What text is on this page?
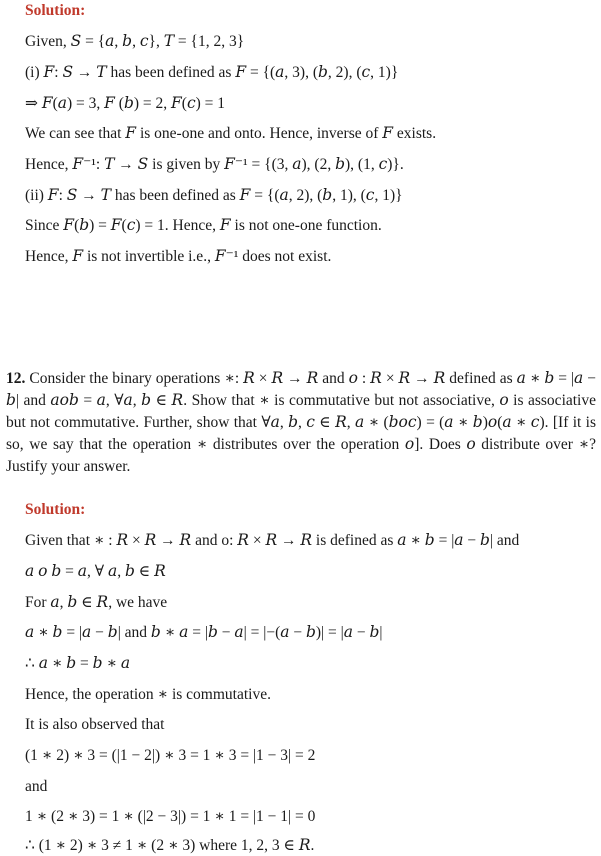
Solution:
Given, 𝑆 = {𝑎, 𝑏, 𝑐}, 𝑇 = {1, 2, 3}
(i) 𝐹: 𝑆 → 𝑇 has been defined as 𝐹 = {(𝑎, 3), (𝑏, 2), (𝑐, 1)}
⇒ 𝐹(𝑎) = 3, 𝐹 (𝑏) = 2, 𝐹(𝑐) = 1
We can see that 𝐹 is one-one and onto. Hence, inverse of 𝐹 exists.
Hence, 𝐹⁻¹: 𝑇 → 𝑆 is given by 𝐹⁻¹ = {(3, 𝑎), (2, 𝑏), (1, 𝑐)}.
(ii) 𝐹: 𝑆 → 𝑇 has been defined as 𝐹 = {(𝑎, 2), (𝑏, 1), (𝑐, 1)}
Since 𝐹(𝑏) = 𝐹(𝑐) = 1. Hence, 𝐹 is not one-one function.
Hence, 𝐹 is not invertible i.e., 𝐹⁻¹ does not exist.
12. Consider the binary operations ∗: 𝑅 × 𝑅 → 𝑅 and 𝑜 : 𝑅 × 𝑅 → 𝑅 defined as 𝑎 ∗ 𝑏 = |𝑎 − 𝑏| and 𝑎𝑜𝑏 = 𝑎, ∀𝑎, 𝑏 ∈ 𝑅. Show that ∗ is commutative but not associative, 𝑜 is associative but not commutative. Further, show that ∀𝑎, 𝑏, 𝑐 ∈ 𝑅, 𝑎 ∗ (𝑏𝑜𝑐) = (𝑎 ∗ 𝑏)𝑜(𝑎 ∗ 𝑐). [If it is so, we say that the operation ∗ distributes over the operation 𝑜]. Does 𝑜 distribute over ∗? Justify your answer.
Solution:
Given that ∗ : 𝑅 × 𝑅 → 𝑅 and o: 𝑅 × 𝑅 → 𝑅 is defined as 𝑎 ∗ 𝑏 = |𝑎 − 𝑏| and
𝑎 𝑜 𝑏 = 𝑎, ∀ 𝑎, 𝑏 ∈ 𝑅
For 𝑎, 𝑏 ∈ 𝑅, we have
𝑎 ∗ 𝑏 = |𝑎 − 𝑏| and 𝑏 ∗ 𝑎 = |𝑏 − 𝑎| = |−(𝑎 − 𝑏)| = |𝑎 − 𝑏|
∴ 𝑎 ∗ 𝑏 = 𝑏 ∗ 𝑎
Hence, the operation ∗ is commutative.
It is also observed that
(1 ∗ 2) ∗ 3 = (|1 − 2|) ∗ 3 = 1 ∗ 3 = |1 − 3| = 2
and
1 ∗ (2 ∗ 3) = 1 ∗ (|2 − 3|) = 1 ∗ 1 = |1 − 1| = 0
∴ (1 ∗ 2) ∗ 3 ≠ 1 ∗ (2 ∗ 3) where 1, 2, 3 ∈ 𝑅.
